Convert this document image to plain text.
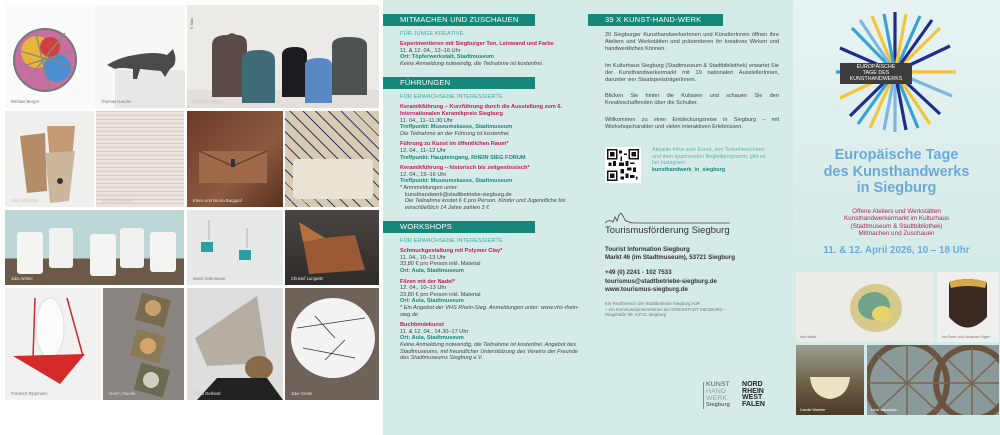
Michael Berger	Thomas Hasche
© Stan
Mi Sook Hwang
Götz Akonakat	Beate Kortländer	Elena und Nicola Burggraf	Alexandra Lenz
Julia Winter	Marei Sale-Bauer	Christof Lungwitz
Friedrich Rippmann	Martin Glaede	Nadia Gerhard	Julie Grade
MITMACHEN UND ZUSCHAUEN
FÜR JUNGE KREATIVE
Experimentieren mit Siegburger Ton, Leinwand und Farbe
11. & 12. 04., 12–16 Uhr
Ort: Töpferwerkstatt, Stadtmuseum
Keine Anmeldung notwendig, die Teilnahme ist kostenfrei.
FÜHRUNGEN
FÜR ERWACHSENE INTERESSIERTE
Keramikführung – Kurzführung durch die Ausstellung zum 6. Internationalen Keramikpreis Siegburg
11. 04., 11–11.30 Uhr
Treffpunkt: Museumskasse, Stadtmuseum
Die Teilnahme an der Führung ist kostenfrei.
Führung zu Kunst im öffentlichen Raum*
12. 04., 11–12 Uhr
Treffpunkt: Haupteingang, RHEIN SIEG FORUM
Keramikführung – historisch bis zeitgenössisch*
12. 04., 15–16 Uhr
Treffpunkt: Museumskasse, Stadtmuseum
* Anmmeldungen unter:
kunsthandwerk@stadtbetriebe-siegburg.de
Die Teilnahme kostet 6 € pro Person. Kinder und Jugendliche bis einschließlich 14 Jahre zahlen 3 €
WORKSHOPS
FÜR ERWACHSENE INTERESSIERTE
Schmuckgestaltung mit Polymer Clay*
11. 04., 10–13 Uhr
33,80 € pro Person inkl. Material
Ort: Aula, Stadtmuseum
Filzen mit der Nadel*
12. 04., 10–13 Uhr
23,80 € pro Person inkl. Material
Ort: Aula, Stadtmuseum
* Ein Angebot der VHS Rhein-Sieg. Anmeldungen unter: www.vhs-rhein-sieg.de
Buchbindekunst
11. & 12. 04., 14.30–17 Uhr
Ort: Aula, Stadtmuseum
Keine Anmeldung notwendig, die Teilnahme ist kostenfrei. Angebot des Stadtmuseums, mit freundlicher Unterstützung des Vereins der Freunde des Stadtmuseums Siegburg e.V.
39 X KUNST-HAND-WERK
20 Siegburger KunsthandwerkerInnen und KünstlerInnen öffnen ihre Ateliers und Werkstätten und präsentieren ihr kreatives Wirken und handwerkliches Können.
Im Kulturhaus Siegburg (Stadtmuseum & Stadtbibliothek) erwartet Sie der Kunsthandwerkermarkt mit 19 nationalen AusstellerInnen, darunter vier StaatspreisträgerInnen.
Blicken Sie hinter die Kulissen und schauen Sie den Kreativschaffenden über die Schulter.
Willkommen zu einer Entdeckungsreise in Siegburg – mit Workshopcharakter und vielen interaktiven Erlebnissen.
Aktuelle Infos zum Event, den TeilnehmerInnen und dem spannenden Begleitprogramm, gibt es bei Instagram:
kunsthandwerk_in_siegburg
Tourismusförderung Siegburg
Tourist Information Siegburg
Markt 46 (im Stadtmuseum), 53721 Siegburg
+49 (0) 2241 - 102 7533
tourismus@stadtbetriebe-siegburg.de
www.tourismus-siegburg.de
Ein Fachbereich der Stadtbetriebe Siegburg AöR
– ein Kommunalunternehmen der KREISSTADT SIEGBURG –
Ringstraße 28, 53721 Siegburg
KUNST
HAND
WERK
Siegburg
NORD
RHEIN
WEST
FALEN
EUROPÄISCHE
TAGE DES
KUNSTHANDWERKS
Europäische Tage
des Kunsthandwerks
in Siegburg
Offene Ateliers und Werkstätten
Kunsthandwerkermarkt im Kulturhaus
(Stadtmuseum & Stadtbibliothek)
Mitmachen und Zuschauen
11. & 12. April 2026, 10 – 18 Uhr
Ina Hoffee	Jan-Peter und Jonathan Hilger
Carolin Wachter	Lena Jakobsohn
